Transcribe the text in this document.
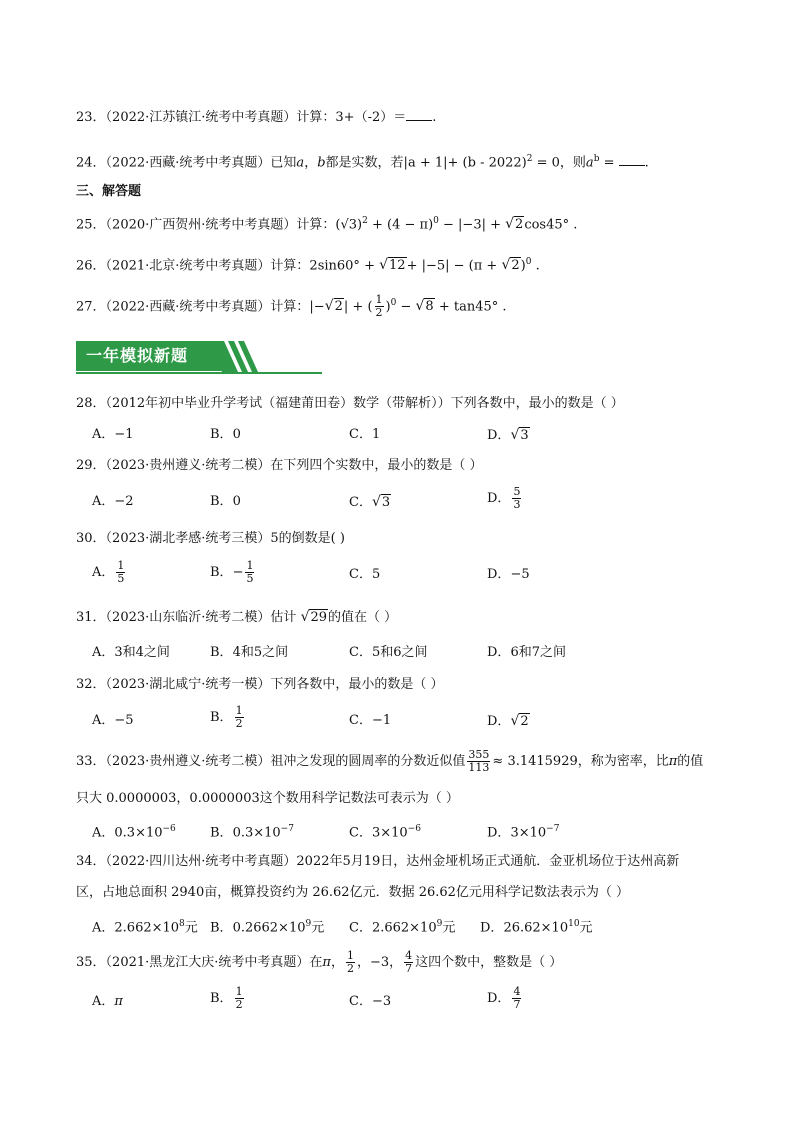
23．（2022·江苏镇江·统考中考真题）计算：3+（-2）＝ .
24．（2022·西藏·统考中考真题）已知a，b都是实数，若|a + 1|+ (b - 2022)$^2$ = 0，则$a^b$ = .
三、解答题
25．（2020·广西贺州·统考中考真题）计算：$(√3)^2 + (4 - \pi)^0 - |-3| + √2\cos 45^\circ$ .
26．（2021·北京·统考中考真题）计算：$2\sin 60^\circ + √12+ |-5| - (\pi + √2)^0$ .
27．（2022·西藏·统考中考真题）计算：|−√2| + ( $\frac{1}{2} )^0 - √8 + \tan 45^\circ$ .
一年模拟新题
28．（2012年初中毕业升学考试（福建莆田卷）数学（带解析））下列各数中，最小的数是（ ）
A．−1	B．0	C．1	D．√3
29．（2023·贵州遵义·统考二模）在下列四个实数中，最小的数是（ ）
A．−2	B．0	C．√3	D． $\frac{5}{3}$
30．（2023·湖北孝感·统考三模）5的倒数是( )
A． $\frac{1}{5}$	B．− $\frac{1}{5}$	C．5	D．−5
31．（2023·山东临沂·统考二模）估计 √29的值在（ ）
A．3和4之间	B．4和5之间	C．5和6之间	D．6和7之间
32．（2023·湖北咸宁·统考一模）下列各数中，最小的数是（ ）
A．−5	B． $\frac{1}{2}$	C．−1	D．√2
33．（2023·贵州遵义·统考二模）祖冲之发现的圆周率的分数近似值 $\frac{355}{113} \approx 3.1415929$，称为密率，比π的值
只大 0.0000003，0.0000003这个数用科学记数法可表示为（ ）
A．$0.3\times 10^{-6}$	B．$0.3\times 10^{-7}$	C．$3\times 10^{-6}$	D．$3\times 10^{-7}$
34．（2022·四川达州·统考中考真题）2022年5月19日，达州金垭机场正式通航．金亚机场位于达州高新
区，占地总面积 2940亩，概算投资约为 26.62亿元．数据 26.62亿元用科学记数法表示为（ ）
A．$2.662\times 10^8$元 B．$0.2662\times 10^9$元 C．$2.662\times 10^9$元 D．$26.62\times 10^{10}$元
35．（2021·黑龙江大庆·统考中考真题）在π， $\frac{1}{2}$ ，−3， $\frac{4}{7}$ 这四个数中，整数是（ ）
A．π	B． $\frac{1}{2}$	C．−3	D． $\frac{4}{7}$
